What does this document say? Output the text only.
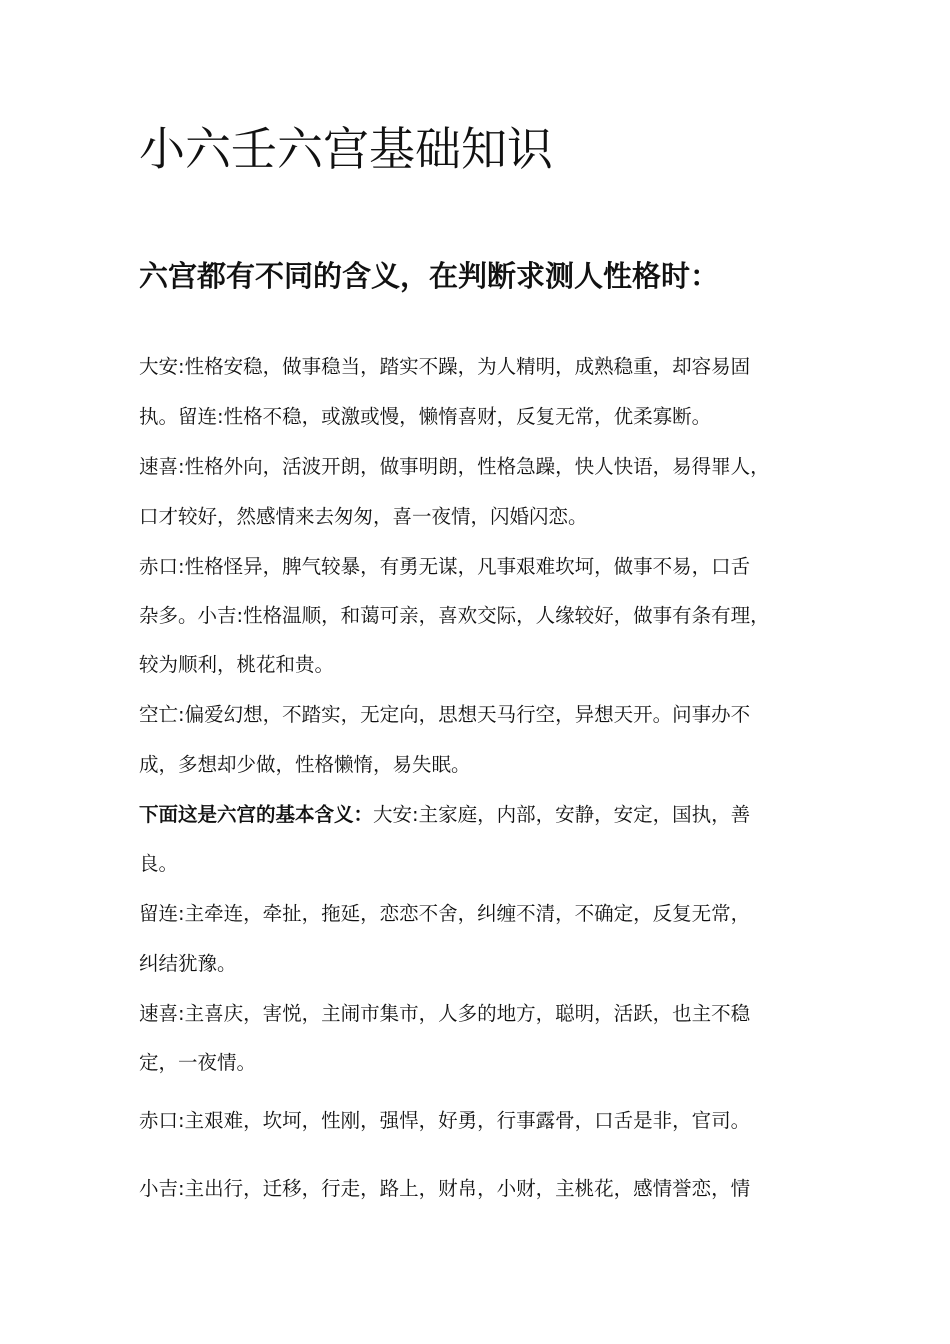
小六壬六宫基础知识
六宫都有不同的含义，在判断求测人性格时：

大安:性格安稳，做事稳当，踏实不躁，为人精明，成熟稳重，却容易固

执。留连:性格不稳，或激或慢，懒惰喜财，反复无常，优柔寡断。

速喜:性格外向，活波开朗，做事明朗，性格急躁，快人快语，易得罪人，

口才较好，然感情来去匆匆，喜一夜情，闪婚闪恋。

赤口:性格怪异，脾气较暴，有勇无谋，凡事艰难坎坷，做事不易，口舌

杂多。小吉:性格温顺，和蔼可亲，喜欢交际，人缘较好，做事有条有理，

较为顺利，桃花和贵。

空亡:偏爱幻想，不踏实，无定向，思想天马行空，异想天开。问事办不

成，多想却少做，性格懒惰，易失眠。

下面这是六宫的基本含义：大安:主家庭，内部，安静，安定，国执，善

良。

留连:主牵连，牵扯，拖延，恋恋不舍，纠缠不清，不确定，反复无常，

纠结犹豫。

速喜:主喜庆，害悦，主闹市集市，人多的地方，聪明，活跃，也主不稳

定，一夜情。

赤口:主艰难，坎坷，性刚，强悍，好勇，行事露骨，口舌是非，官司。

小吉:主出行，迁移，行走，路上，财帛，小财，主桃花，感情誉恋，情
